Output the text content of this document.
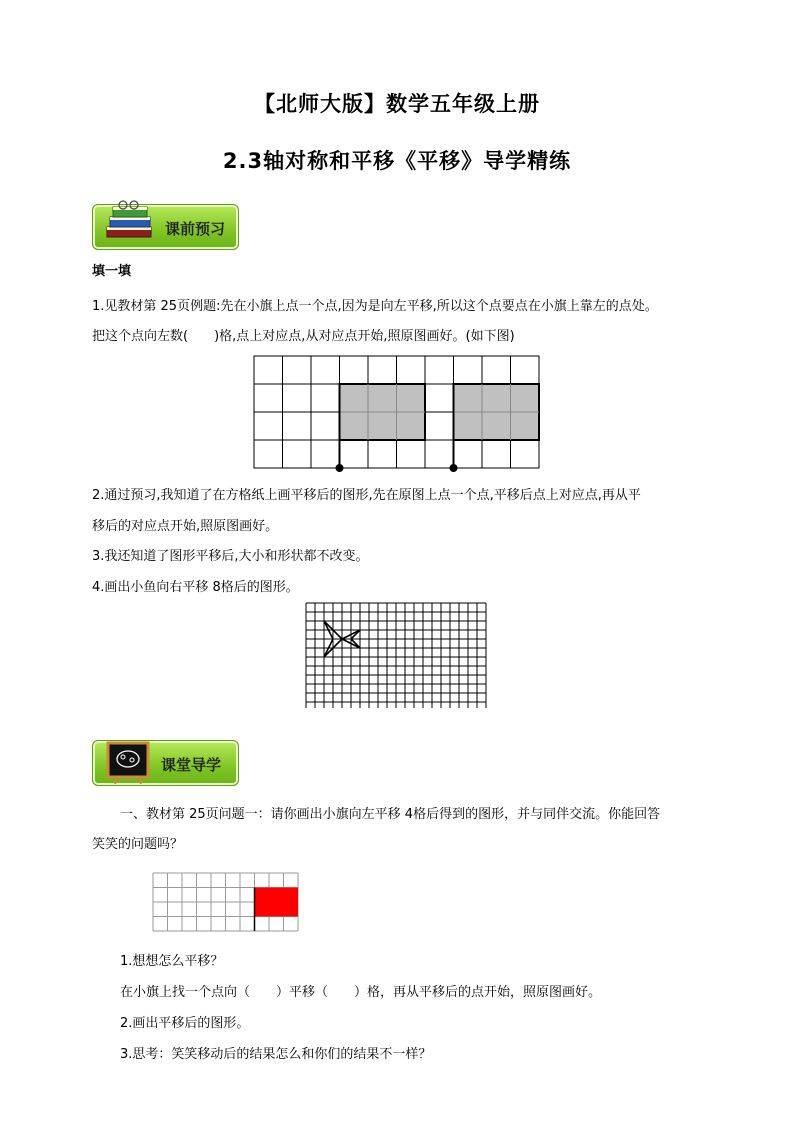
【北师大版】数学五年级上册
2.3轴对称和平移《平移》导学精练
课前预习
填一填
1.见教材第 25页例题:先在小旗上点一个点,因为是向左平移,所以这个点要点在小旗上靠左的点处。
把这个点向左数(　　)格,点上对应点,从对应点开始,照原图画好。(如下图)
2.通过预习,我知道了在方格纸上画平移后的图形,先在原图上点一个点,平移后点上对应点,再从平
移后的对应点开始,照原图画好。
3.我还知道了图形平移后,大小和形状都不改变。
4.画出小鱼向右平移 8格后的图形。
课堂导学
一、教材第 25页问题一：请你画出小旗向左平移 4格后得到的图形，并与同伴交流。你能回答
笑笑的问题吗？
1.想想怎么平移？
在小旗上找一个点向（　　）平移（　　）格，再从平移后的点开始，照原图画好。
2.画出平移后的图形。
3.思考：笑笑移动后的结果怎么和你们的结果不一样？
